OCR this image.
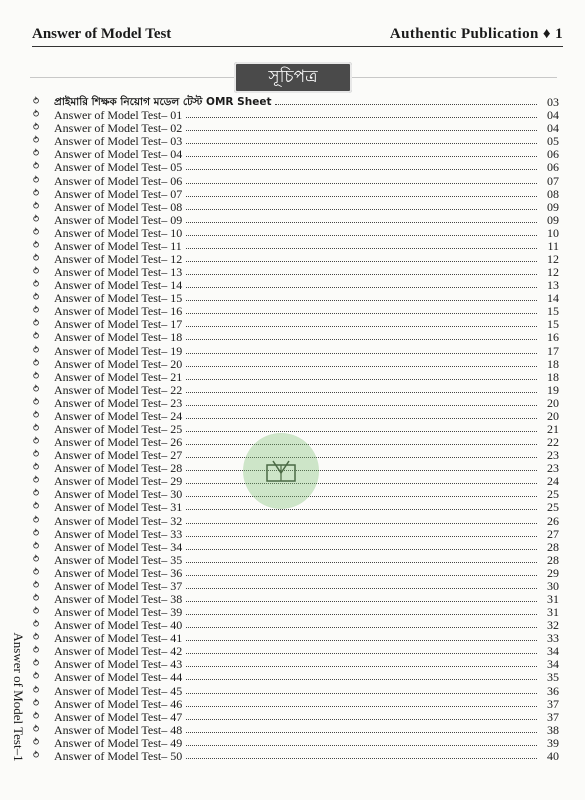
Answer of Model Test	Authentic Publication ♦ 1
সূচিপত্র
⥁	প্রাইমারি শিক্ষক নিয়োগ মডেল টেস্ট OMR Sheet	03
⥁	Answer of Model Test– 01	04
⥁	Answer of Model Test– 02	04
⥁	Answer of Model Test– 03	05
⥁	Answer of Model Test– 04	06
⥁	Answer of Model Test– 05	06
⥁	Answer of Model Test– 06	07
⥁	Answer of Model Test– 07	08
⥁	Answer of Model Test– 08	09
⥁	Answer of Model Test– 09	09
⥁	Answer of Model Test– 10	10
⥁	Answer of Model Test– 11	11
⥁	Answer of Model Test– 12	12
⥁	Answer of Model Test– 13	12
⥁	Answer of Model Test– 14	13
⥁	Answer of Model Test– 15	14
⥁	Answer of Model Test– 16	15
⥁	Answer of Model Test– 17	15
⥁	Answer of Model Test– 18	16
⥁	Answer of Model Test– 19	17
⥁	Answer of Model Test– 20	18
⥁	Answer of Model Test– 21	18
⥁	Answer of Model Test– 22	19
⥁	Answer of Model Test– 23	20
⥁	Answer of Model Test– 24	20
⥁	Answer of Model Test– 25	21
⥁	Answer of Model Test– 26	22
⥁	Answer of Model Test– 27	23
⥁	Answer of Model Test– 28	23
⥁	Answer of Model Test– 29	24
⥁	Answer of Model Test– 30	25
⥁	Answer of Model Test– 31	25
⥁	Answer of Model Test– 32	26
⥁	Answer of Model Test– 33	27
⥁	Answer of Model Test– 34	28
⥁	Answer of Model Test– 35	28
⥁	Answer of Model Test– 36	29
⥁	Answer of Model Test– 37	30
⥁	Answer of Model Test– 38	31
⥁	Answer of Model Test– 39	31
⥁	Answer of Model Test– 40	32
⥁	Answer of Model Test– 41	33
⥁	Answer of Model Test– 42	34
⥁	Answer of Model Test– 43	34
⥁	Answer of Model Test– 44	35
⥁	Answer of Model Test– 45	36
⥁	Answer of Model Test– 46	37
⥁	Answer of Model Test– 47	37
⥁	Answer of Model Test– 48	38
⥁	Answer of Model Test– 49	39
⥁	Answer of Model Test– 50	40
Answer of Model Test–1
